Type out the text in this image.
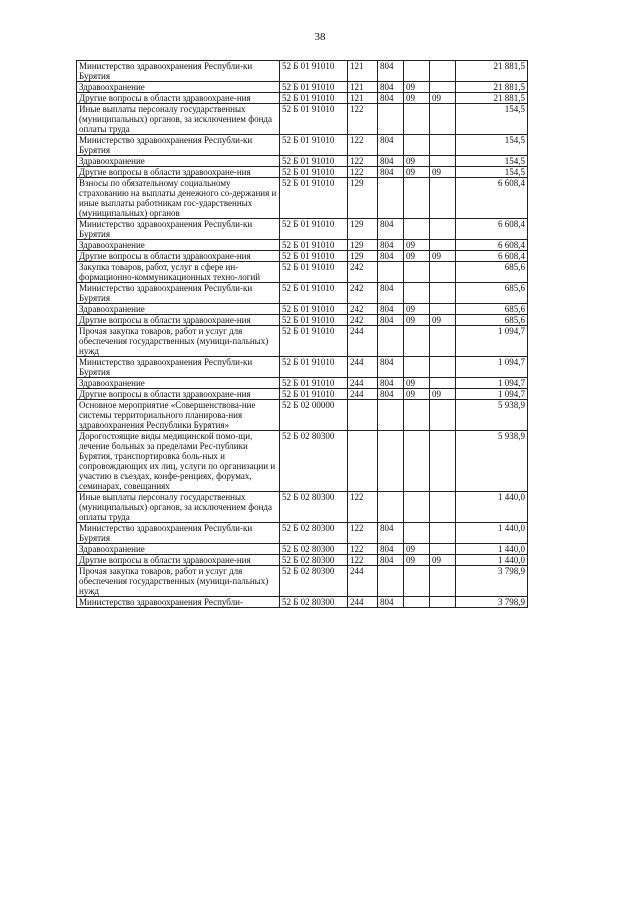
38
Министерство здравоохранения Республи-ки Бурятия	52 Б 01 91010	121	804			21 881,5
Здравоохранение	52 Б 01 91010	121	804	09		21 881,5
Другие вопросы в области здравоохране-ния	52 Б 01 91010	121	804	09	09	21 881,5
Иные выплаты персоналу государственных (муниципальных) органов, за исключением фонда оплаты труда	52 Б 01 91010	122				154,5
Министерство здравоохранения Республи-ки Бурятия	52 Б 01 91010	122	804			154,5
Здравоохранение	52 Б 01 91010	122	804	09		154,5
Другие вопросы в области здравоохране-ния	52 Б 01 91010	122	804	09	09	154,5
Взносы по обязательному социальному страхованию на выплаты денежного со-держания и иные выплаты работникам гос-ударственных (муниципальных) органов	52 Б 01 91010	129				6 608,4
Министерство здравоохранения Республи-ки Бурятия	52 Б 01 91010	129	804			6 608,4
Здравоохранение	52 Б 01 91010	129	804	09		6 608,4
Другие вопросы в области здравоохране-ния	52 Б 01 91010	129	804	09	09	6 608,4
Закупка товаров, работ, услуг в сфере ин-формационно-коммуникационных техно-логий	52 Б 01 91010	242				685,6
Министерство здравоохранения Республи-ки Бурятия	52 Б 01 91010	242	804			685,6
Здравоохранение	52 Б 01 91010	242	804	09		685,6
Другие вопросы в области здравоохране-ния	52 Б 01 91010	242	804	09	09	685,6
Прочая закупка товаров, работ и услуг для обеспечения государственных (муници-пальных) нужд	52 Б 01 91010	244				1 094,7
Министерство здравоохранения Республи-ки Бурятия	52 Б 01 91010	244	804			1 094,7
Здравоохранение	52 Б 01 91010	244	804	09		1 094,7
Другие вопросы в области здравоохране-ния	52 Б 01 91010	244	804	09	09	1 094,7
Основное мероприятие «Совершенствова-ние системы территориального планирова-ния здравоохранения Республики Бурятия»	52 Б 02 00000					5 938,9
Дорогостоящие виды медицинской помо-щи, лечение больных за пределами Рес-публики Бурятия, транспортировка боль-ных и сопровождающих их лиц, услуги по организации и участию в съездах, конфе-ренциях, форумах, семинарах, совещаниях	52 Б 02 80300					5 938,9
Иные выплаты персоналу государственных (муниципальных) органов, за исключением фонда оплаты труда	52 Б 02 80300	122				1 440,0
Министерство здравоохранения Республи-ки Бурятия	52 Б 02 80300	122	804			1 440,0
Здравоохранение	52 Б 02 80300	122	804	09		1 440,0
Другие вопросы в области здравоохране-ния	52 Б 02 80300	122	804	09	09	1 440,0
Прочая закупка товаров, работ и услуг для обеспечения государственных (муници-пальных) нужд	52 Б 02 80300	244				3 798,9
Министерство здравоохранения Республи-	52 Б 02 80300	244	804			3 798,9
